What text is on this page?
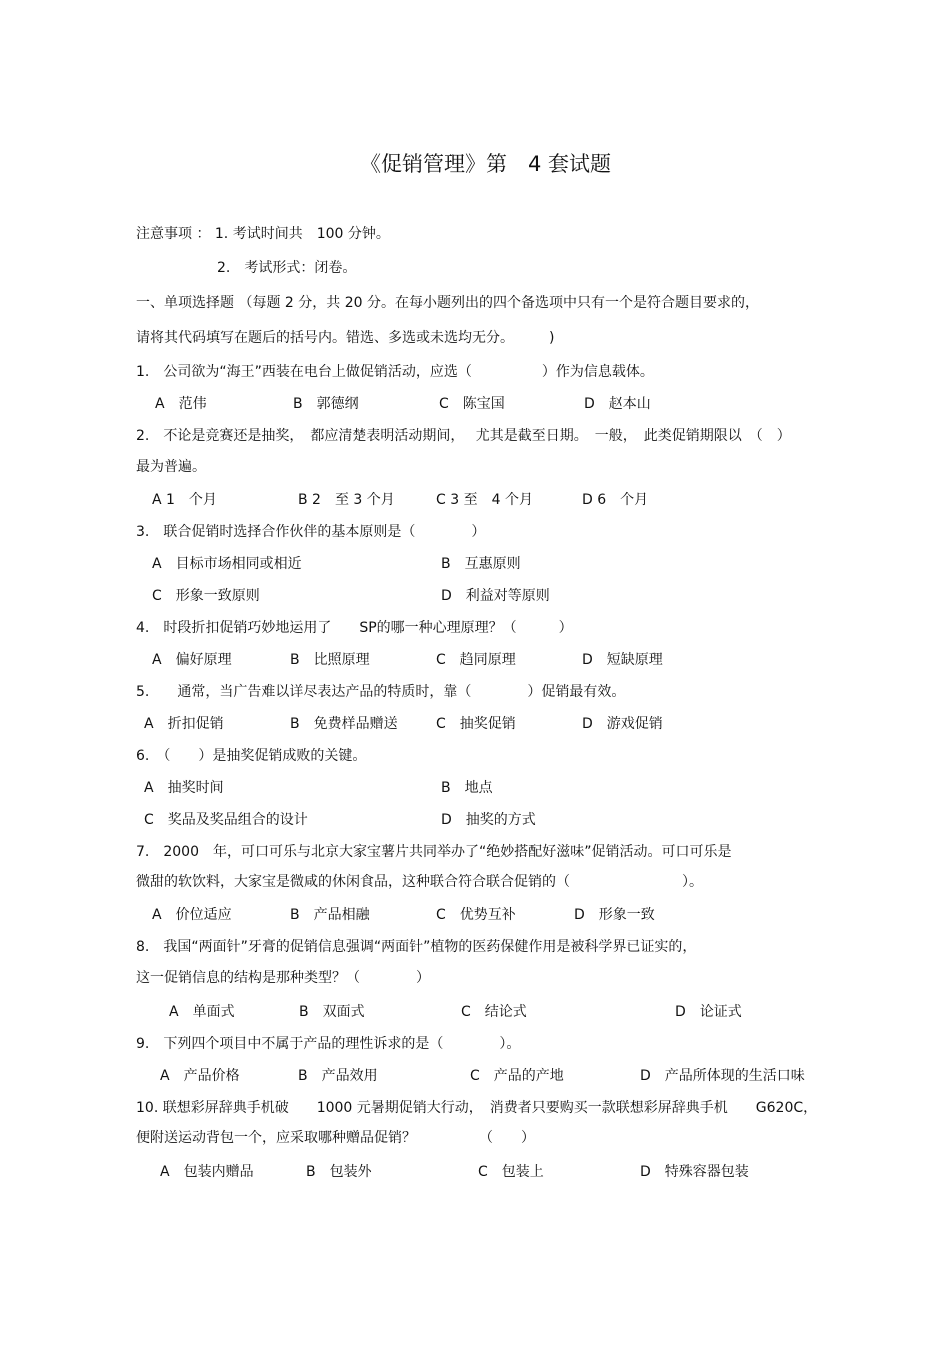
《促销管理》第　4 套试题
注意事项 ： 1. 考试时间共　100 分钟。
2.　考试形式：闭卷。
一、单项选择题 （每题 2 分，共 20 分。在每小题列出的四个备选项中只有一个是符合题目要求的，
请将其代码填写在题后的括号内。错选、多选或未选均无分。　　　)
1.　公司欲为“海王”西装在电台上做促销活动，应选（　　　　　）作为信息载体。
A　范伟	B　郭德纲	C　陈宝国	D　赵本山
2.　不论是竞赛还是抽奖，　都应清楚表明活动期间，　 尤其是截至日期。　一般，　此类促销期限以　（　）
最为普遍。
A 1　个月	B 2　至 3 个月	C 3 至　4 个月	D 6　个月
3.　联合促销时选择合作伙伴的基本原则是（　　　　）
A　目标市场相同或相近	B　互惠原则
C　形象一致原则	D　利益对等原则
4.　时段折扣促销巧妙地运用了　　SP的哪一种心理原理？（　　　）
A　偏好原理	B　比照原理	C　趋同原理	D　短缺原理
5.　　通常，当广告难以详尽表达产品的特质时，靠（　　　　）促销最有效。
A　折扣促销	B　免费样品赠送	C　抽奖促销	D　游戏促销
6.　（　　）是抽奖促销成败的关键。
A　抽奖时间	B　地点
C　奖品及奖品组合的设计	D　抽奖的方式
7.　2000　年，可口可乐与北京大家宝薯片共同举办了“绝妙搭配好滋味”促销活动。可口可乐是
微甜的软饮料，大家宝是微咸的休闲食品，这种联合符合联合促销的（　　　　　　　　）。
A　价位适应	B　产品相融	C　优势互补	D　形象一致
8.　我国“两面针”牙膏的促销信息强调“两面针”植物的医药保健作用是被科学界已证实的，
这一促销信息的结构是那种类型？（　　　　）
A　单面式	B　双面式	C　结论式	D　论证式
9.　下列四个项目中不属于产品的理性诉求的是（　　　　）。
A　产品价格	B　产品效用	C　产品的产地	D　产品所体现的生活口味
10. 联想彩屏辞典手机破　　1000 元暑期促销大行动，　消费者只要购买一款联想彩屏辞典手机　　G620C，
便附送运动背包一个，应采取哪种赠品促销？　　　　　（　　）
A　包装内赠品	B　包装外	C　包装上	D　特殊容器包装
